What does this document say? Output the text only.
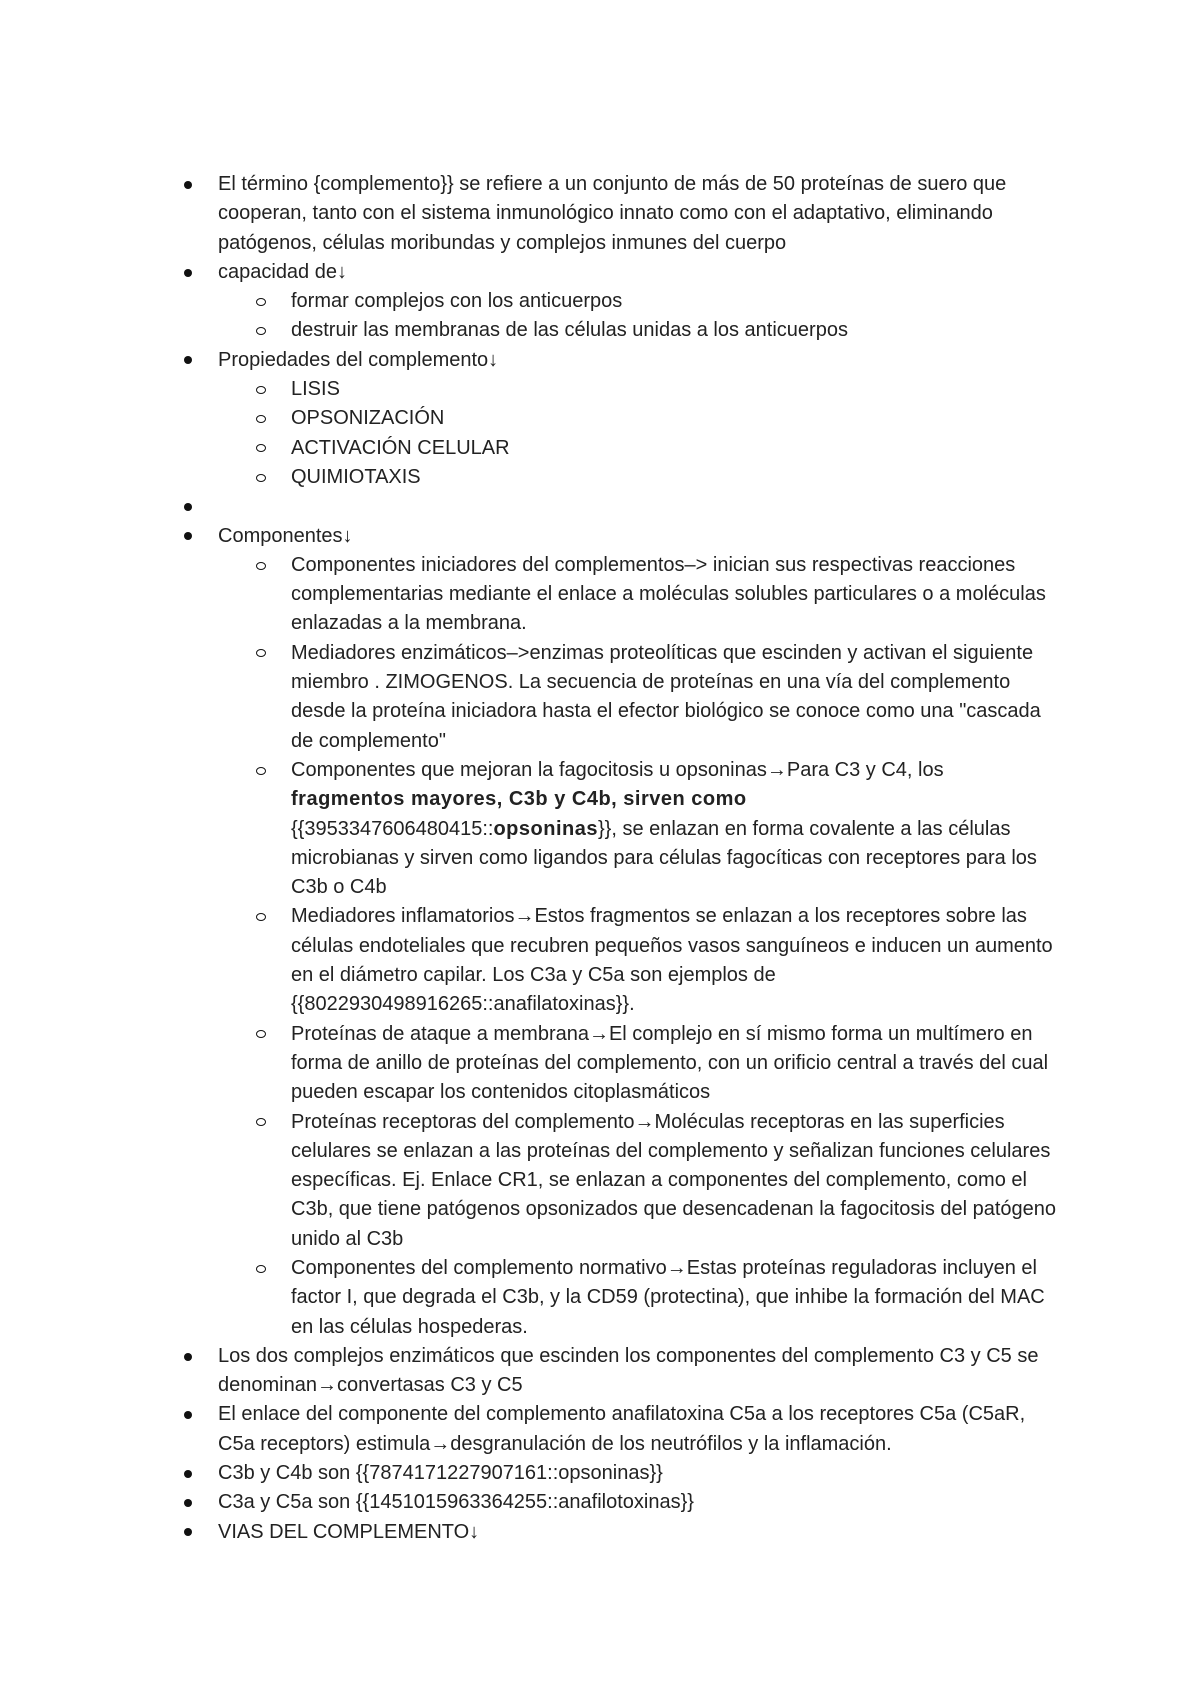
El término {complemento}} se refiere a un conjunto de más de 50 proteínas de suero que cooperan, tanto con el sistema inmunológico innato como con el adaptativo, eliminando patógenos, células moribundas y complejos inmunes del cuerpo
capacidad de↓
formar complejos con los anticuerpos
destruir las membranas de las células unidas a los anticuerpos
Propiedades del complemento↓
LISIS
OPSONIZACIÓN
ACTIVACIÓN CELULAR
QUIMIOTAXIS
Componentes↓
Componentes iniciadores del complementos–> inician sus respectivas reacciones complementarias mediante el enlace a moléculas solubles particulares o a moléculas enlazadas a la membrana.
Mediadores enzimáticos–>enzimas proteolíticas que escinden y activan el siguiente miembro . ZIMOGENOS. La secuencia de proteínas en una vía del complemento desde la proteína iniciadora hasta el efector biológico se conoce como una "cascada de complemento"
Componentes que mejoran la fagocitosis u opsoninas→Para C3 y C4, los fragmentos mayores, C3b y C4b, sirven como
{{3953347606480415::opsoninas}}, se enlazan en forma covalente a las células microbianas y sirven como ligandos para células fagocíticas con receptores para los C3b o C4b
Mediadores inflamatorios→Estos fragmentos se enlazan a los receptores sobre las células endoteliales que recubren pequeños vasos sanguíneos e inducen un aumento en el diámetro capilar. Los C3a y C5a son ejemplos de {{8022930498916265::anafilatoxinas}}.
Proteínas de ataque a membrana→El complejo en sí mismo forma un multímero en forma de anillo de proteínas del complemento, con un orificio central a través del cual pueden escapar los contenidos citoplasmáticos
Proteínas receptoras del complemento→Moléculas receptoras en las superficies celulares se enlazan a las proteínas del complemento y señalizan funciones celulares específicas. Ej. Enlace CR1, se enlazan a componentes del complemento, como el C3b, que tiene patógenos opsonizados que desencadenan la fagocitosis del patógeno unido al C3b
Componentes del complemento normativo→Estas proteínas reguladoras incluyen el factor I, que degrada el C3b, y la CD59 (protectina), que inhibe la formación del MAC en las células hospederas.
Los dos complejos enzimáticos que escinden los componentes del complemento C3 y C5 se denominan→convertasas C3 y C5
El enlace del componente del complemento anafilatoxina C5a a los receptores C5a (C5aR, C5a receptors) estimula→desgranulación de los neutrófilos y la inflamación.
C3b y C4b son {{7874171227907161::opsoninas}}
C3a y C5a son {{1451015963364255::anafilotoxinas}}
VIAS DEL COMPLEMENTO↓
